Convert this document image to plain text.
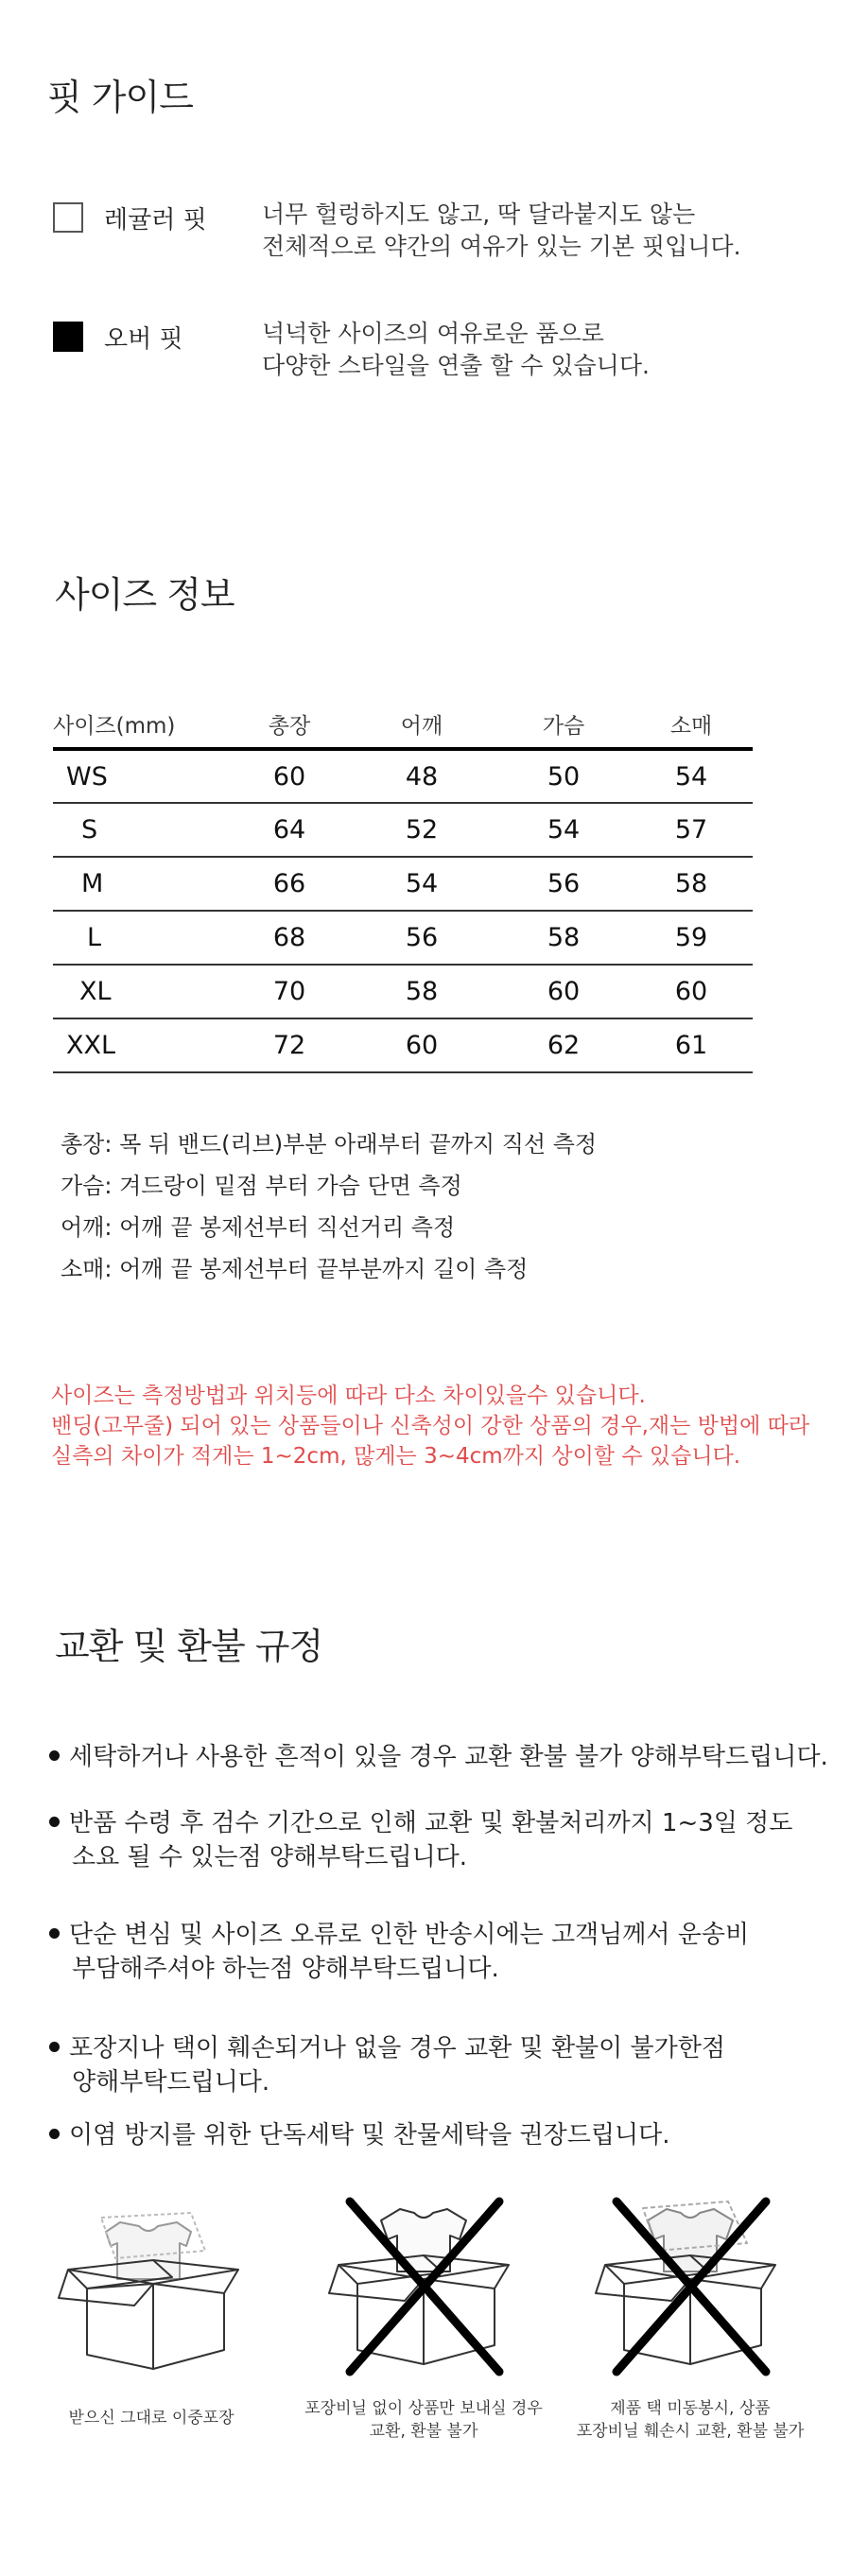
핏 가이드
레귤러 핏 너무 헐렁하지도 않고, 딱 달라붙지도 않는
전체적으로 약간의 여유가 있는 기본 핏입니다.
오버 핏	넉넉한 사이즈의 여유로운 품으로
다양한 스타일을 연출 할 수 있습니다.
사이즈 정보
사이즈(mm)	총장	어깨	가슴	소매
WS	60	48	50	54
S	64	52	54	57
M	66	54	56	58
L	68	56	58	59
XL	70	58	60	60
XXL	72	60	62	61
총장: 목 뒤 밴드(리브)부분 아래부터 끝까지 직선 측정
가슴: 겨드랑이 밑점 부터 가슴 단면 측정
어깨: 어깨 끝 봉제선부터 직선거리 측정
소매: 어깨 끝 봉제선부터 끝부분까지 길이 측정
사이즈는 측정방법과 위치등에 따라 다소 차이있을수 있습니다.
밴딩(고무줄) 되어 있는 상품들이나 신축성이 강한 상품의 경우,재는 방법에 따라
실측의 차이가 적게는 1~2cm, 많게는 3~4cm까지 상이할 수 있습니다.
교환 및 환불 규정
세탁하거나 사용한 흔적이 있을 경우 교환 환불 불가 양해부탁드립니다.
반품 수령 후 검수 기간으로 인해 교환 및 환불처리까지 1~3일 정도
소요 될 수 있는점 양해부탁드립니다.
단순 변심 및 사이즈 오류로 인한 반송시에는 고객님께서 운송비
부담해주셔야 하는점 양해부탁드립니다.
포장지나 택이 훼손되거나 없을 경우 교환 및 환불이 불가한점
양해부탁드립니다.
이염 방지를 위한 단독세탁 및 찬물세탁을 권장드립니다.
받으신 그대로 이중포장	포장비닐 없이 상품만 보내실 경우
교환, 환불 불가
제품 택 미동봉시, 상품
포장비닐 훼손시 교환, 환불 불가
